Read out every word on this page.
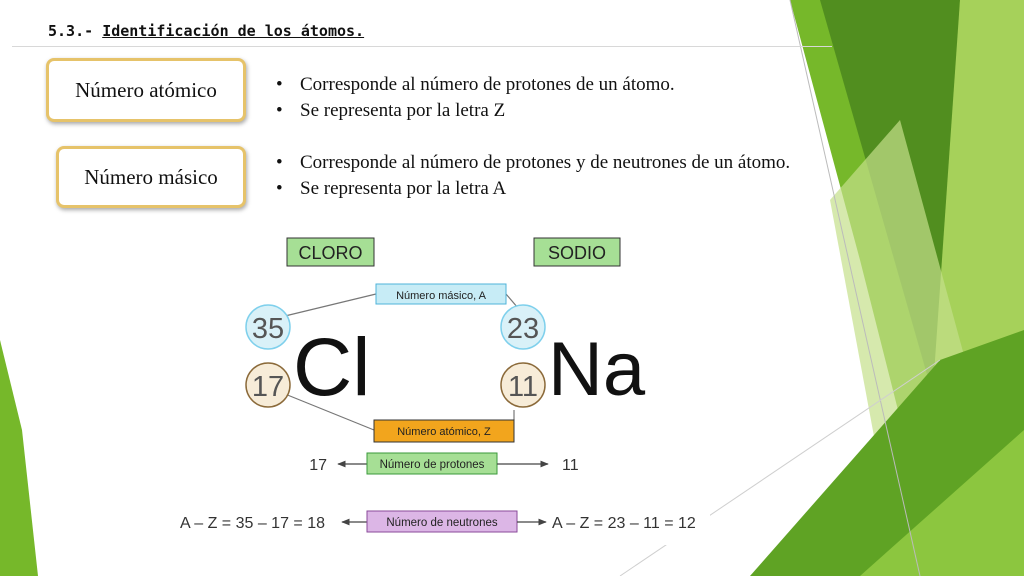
5.3.- Identificación de los átomos.
Número atómico
•	Corresponde al número de protones de un átomo.
• Se representa por la letra Z
Número másico
• Corresponde al número de protones y de neutrones de un átomo.
• Se representa por la letra A
CLORO	SODIO
Número másico, A
35
17 Cl	23
11 Na
Número atómico, Z
17	Número de protones	11
A – Z = 35 – 17 = 18	Número de neutrones	A – Z = 23 – 11 = 12
